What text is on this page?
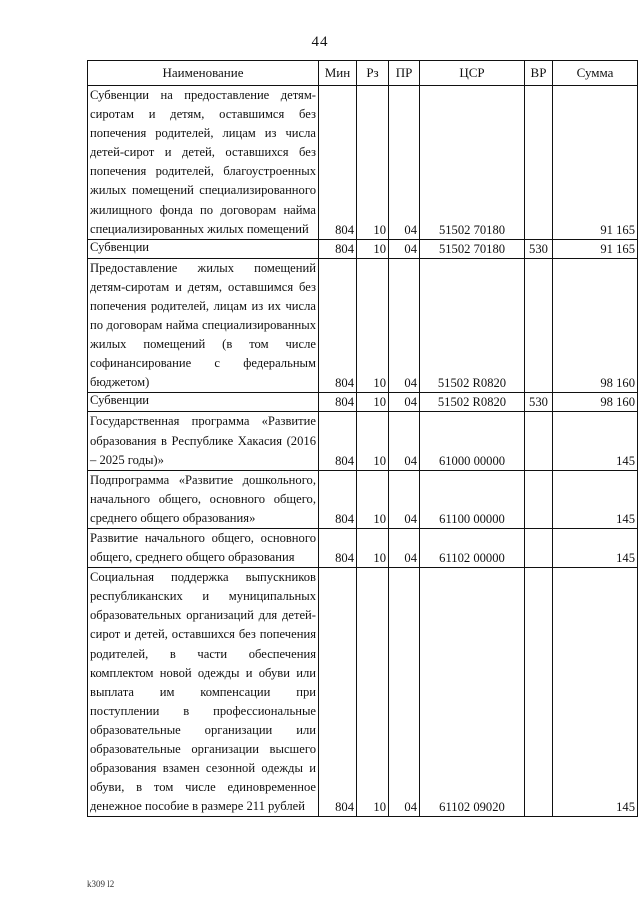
44
Наименование	Мин	Рз	ПР	ЦСР	ВР	Сумма
Субвенции на предоставление детям-сиротам и детям, оставшимся без попечения родителей, лицам из числа детей-сирот и детей, оставшихся без попечения родителей, благоустроенных жилых помещений специализированного жилищного фонда по договорам найма специализированных жилых помещений	804	10	04	51502 70180		91 165
Субвенции	804	10	04	51502 70180	530	91 165
Предоставление жилых помещений детям-сиротам и детям, оставшимся без попечения родителей, лицам из их числа по договорам найма специализированных жилых помещений (в том числе софинансирование с федеральным бюджетом)	804	10	04	51502 R0820		98 160
Субвенции	804	10	04	51502 R0820	530	98 160
Государственная программа «Развитие образования в Республике Хакасия (2016 – 2025 годы)»	804	10	04	61000 00000		145
Подпрограмма «Развитие дошкольного, начального общего, основного общего, среднего общего образования»	804	10	04	61100 00000		145
Развитие начального общего, основного общего, среднего общего образования	804	10	04	61102 00000		145
Социальная поддержка выпускников республиканских и муниципальных образовательных организаций для детей-сирот и детей, оставшихся без попечения родителей, в части обеспечения комплектом новой одежды и обуви или выплата им компенсации при поступлении в профессиональные образовательные организации или образовательные организации высшего образования взамен сезонной одежды и обуви, в том числе единовременное денежное пособие в размере 211 рублей	804	10	04	61102 09020		145
k309 l2
